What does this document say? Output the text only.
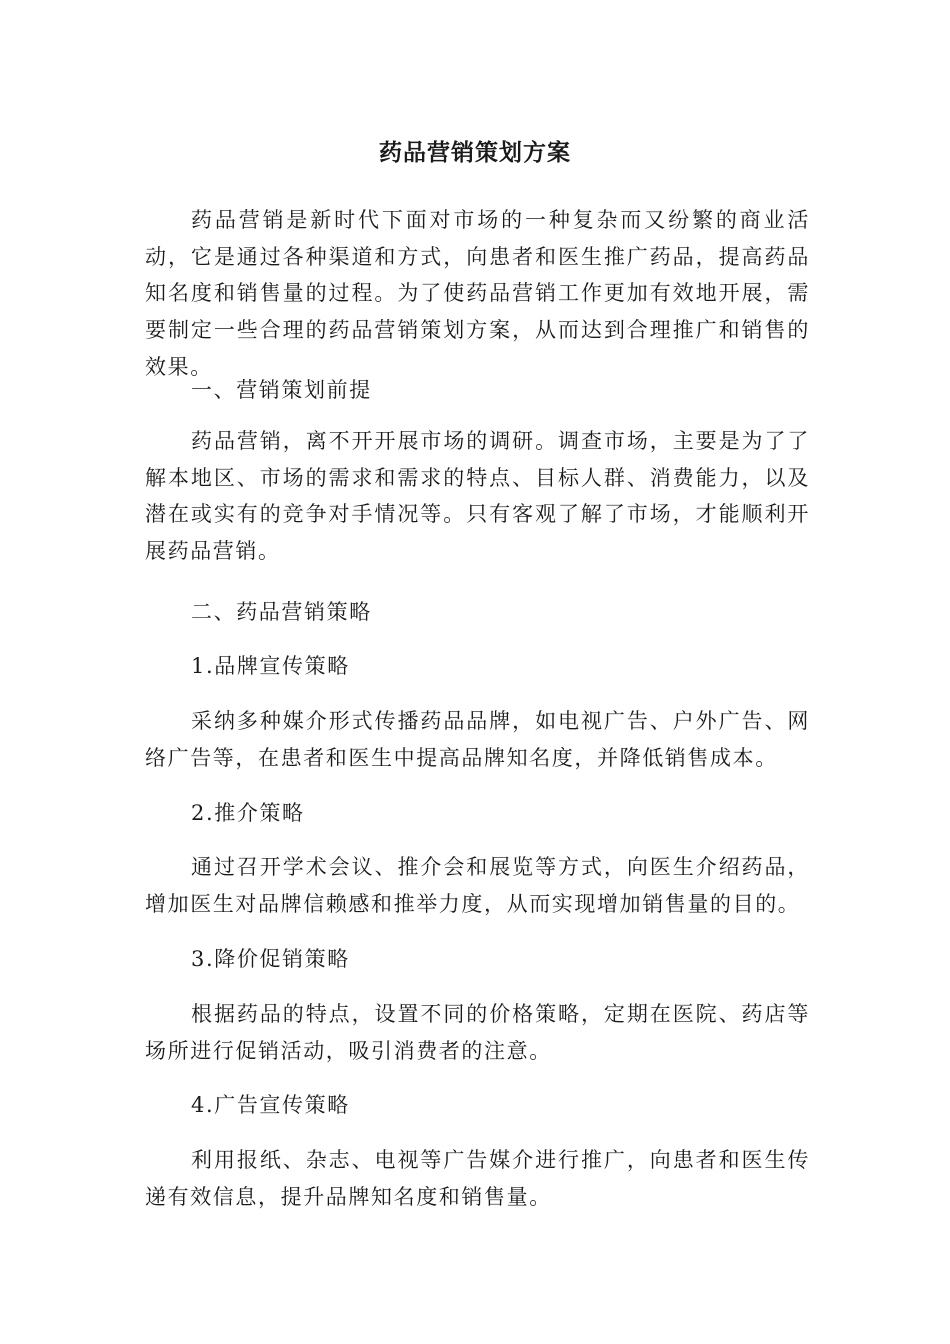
药品营销策划方案

药品营销是新时代下面对市场的一种复杂而又纷繁的商业活动，它是通过各种渠道和方式，向患者和医生推广药品，提高药品知名度和销售量的过程。为了使药品营销工作更加有效地开展，需要制定一些合理的药品营销策划方案，从而达到合理推广和销售的效果。

一、营销策划前提

药品营销，离不开开展市场的调研。调查市场，主要是为了了解本地区、市场的需求和需求的特点、目标人群、消费能力，以及潜在或实有的竞争对手情况等。只有客观了解了市场，才能顺利开展药品营销。

二、药品营销策略

1.品牌宣传策略

采纳多种媒介形式传播药品品牌，如电视广告、户外广告、网络广告等，在患者和医生中提高品牌知名度，并降低销售成本。

2.推介策略

通过召开学术会议、推介会和展览等方式，向医生介绍药品，增加医生对品牌信赖感和推举力度，从而实现增加销售量的目的。

3.降价促销策略

根据药品的特点，设置不同的价格策略，定期在医院、药店等场所进行促销活动，吸引消费者的注意。

4.广告宣传策略

利用报纸、杂志、电视等广告媒介进行推广，向患者和医生传递有效信息，提升品牌知名度和销售量。
